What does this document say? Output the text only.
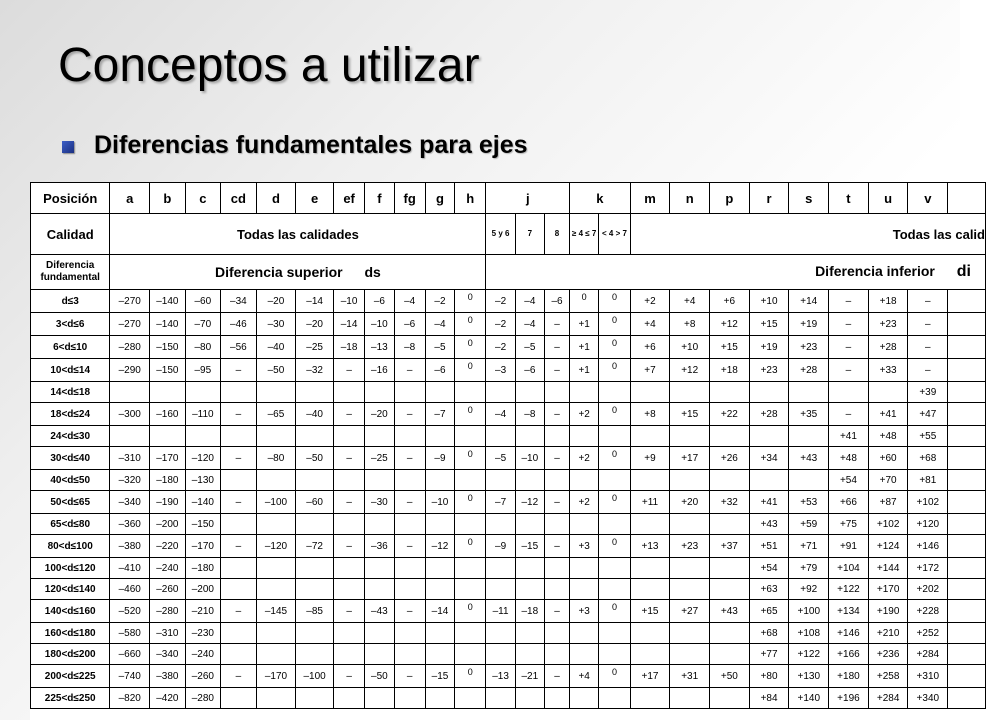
Conceptos a utilizar
Diferencias fundamentales para ejes
Posición	a	b	c	cd	d	e	ef	f	fg	g	h	j			k		m	n	p	r	s	t	u	v	
Calidad	Todas las calidades											5 y 6	7	8	≥ 4 ≤ 7	< 4 > 7	Todas las calid								
Diferencia fundamental	Diferencia superior ds											Diferencia inferior di													
d≤3	–270	–140	–60	–34	–20	–14	–10	–6	–4	–2	0	–2	–4	–6	0	0	+2	+4	+6	+10	+14	–	+18	–	
3<d≤6	–270	–140	–70	–46	–30	–20	–14	–10	–6	–4	0	–2	–4	–	+1	0	+4	+8	+12	+15	+19	–	+23	–	
6<d≤10	–280	–150	–80	–56	–40	–25	–18	–13	–8	–5	0	–2	–5	–	+1	0	+6	+10	+15	+19	+23	–	+28	–	
10<d≤14	–290	–150	–95	–	–50	–32	–	–16	–	–6	0	–3	–6	–	+1	0	+7	+12	+18	+23	+28	–	+33	–	
14<d≤18																								+39	
18<d≤24	–300	–160	–110	–	–65	–40	–	–20	–	–7	0	–4	–8	–	+2	0	+8	+15	+22	+28	+35	–	+41	+47	
24<d≤30																						+41	+48	+55	
30<d≤40	–310	–170	–120	–	–80	–50	–	–25	–	–9	0	–5	–10	–	+2	0	+9	+17	+26	+34	+43	+48	+60	+68	
40<d≤50	–320	–180	–130																			+54	+70	+81	
50<d≤65	–340	–190	–140	–	–100	–60	–	–30	–	–10	0	–7	–12	–	+2	0	+11	+20	+32	+41	+53	+66	+87	+102	
65<d≤80	–360	–200	–150																	+43	+59	+75	+102	+120	
80<d≤100	–380	–220	–170	–	–120	–72	–	–36	–	–12	0	–9	–15	–	+3	0	+13	+23	+37	+51	+71	+91	+124	+146	
100<d≤120	–410	–240	–180																	+54	+79	+104	+144	+172	
120<d≤140	–460	–260	–200																	+63	+92	+122	+170	+202	
140<d≤160	–520	–280	–210	–	–145	–85	–	–43	–	–14	0	–11	–18	–	+3	0	+15	+27	+43	+65	+100	+134	+190	+228	
160<d≤180	–580	–310	–230																	+68	+108	+146	+210	+252	
180<d≤200	–660	–340	–240																	+77	+122	+166	+236	+284	
200<d≤225	–740	–380	–260	–	–170	–100	–	–50	–	–15	0	–13	–21	–	+4	0	+17	+31	+50	+80	+130	+180	+258	+310	
225<d≤250	–820	–420	–280																	+84	+140	+196	+284	+340	
